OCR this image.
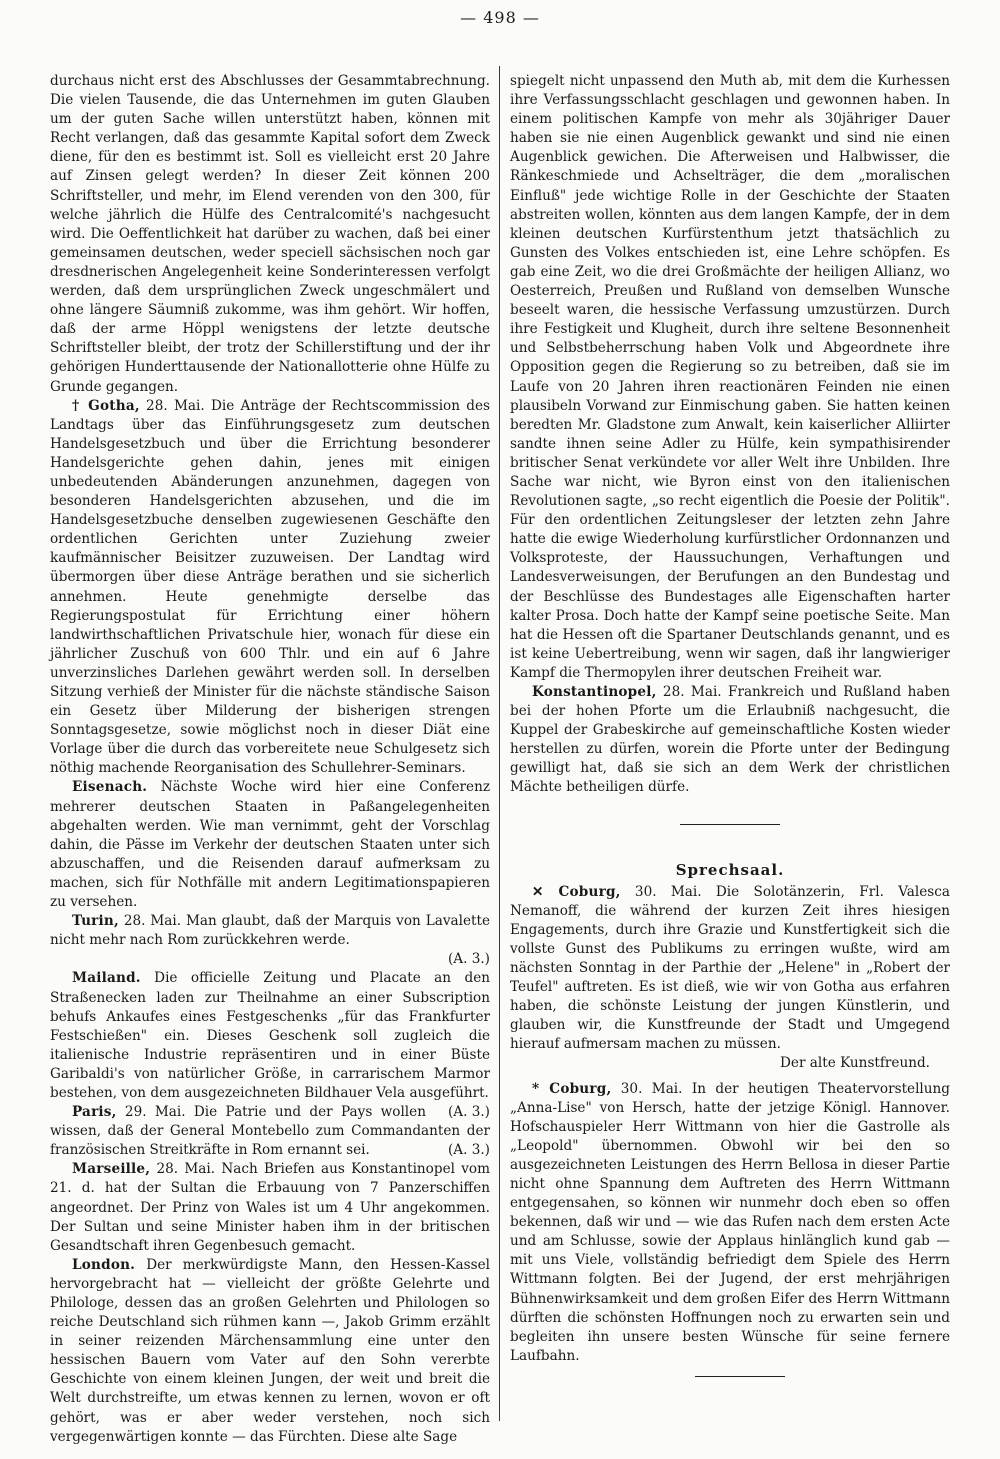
— 498 —

durchaus nicht erst des Abschlusses der Gesammtabrechnung. Die vielen Tausende, die das Unternehmen im guten Glauben um der guten Sache willen unterstützt haben, können mit Recht verlangen, daß das gesammte Kapital sofort dem Zweck diene, für den es bestimmt ist. Soll es vielleicht erst 20 Jahre auf Zinsen gelegt werden? In dieser Zeit können 200 Schriftsteller, und mehr, im Elend verenden von den 300, für welche jährlich die Hülfe des Centralcomité's nachgesucht wird. Die Oeffentlichkeit hat darüber zu wachen, daß bei einer gemeinsamen deutschen, weder speciell sächsischen noch gar dresdnerischen Angelegenheit keine Sonderinteressen verfolgt werden, daß dem ursprünglichen Zweck ungeschmälert und ohne längere Säumniß zukomme, was ihm gehört. Wir hoffen, daß der arme Höppl wenigstens der letzte deutsche Schriftsteller bleibt, der trotz der Schillerstiftung und der ihr gehörigen Hunderttausende der Nationallotterie ohne Hülfe zu Grunde gegangen.

† Gotha, 28. Mai. Die Anträge der Rechtscommission des Landtags über das Einführungsgesetz zum deutschen Handelsgesetzbuch und über die Errichtung besonderer Handelsgerichte gehen dahin, jenes mit einigen unbedeutenden Abänderungen anzunehmen, dagegen von besonderen Handelsgerichten abzusehen, und die im Handelsgesetzbuche denselben zugewiesenen Geschäfte den ordentlichen Gerichten unter Zuziehung zweier kaufmännischer Beisitzer zuzuweisen. Der Landtag wird übermorgen über diese Anträge berathen und sie sicherlich annehmen. Heute genehmigte derselbe das Regierungspostulat für Errichtung einer höhern landwirthschaftlichen Privatschule hier, wonach für diese ein jährlicher Zuschuß von 600 Thlr. und ein auf 6 Jahre unverzinsliches Darlehen gewährt werden soll. In derselben Sitzung verhieß der Minister für die nächste ständische Saison ein Gesetz über Milderung der bisherigen strengen Sonntagsgesetze, sowie möglichst noch in dieser Diät eine Vorlage über die durch das vorbereitete neue Schulgesetz sich nöthig machende Reorganisation des Schullehrer-Seminars.

Eisenach. Nächste Woche wird hier eine Conferenz mehrerer deutschen Staaten in Paßangelegenheiten abgehalten werden. Wie man vernimmt, geht der Vorschlag dahin, die Pässe im Verkehr der deutschen Staaten unter sich abzuschaffen, und die Reisenden darauf aufmerksam zu machen, sich für Nothfälle mit andern Legitimationspapieren zu versehen.

Turin, 28. Mai. Man glaubt, daß der Marquis von Lavalette nicht mehr nach Rom zurückkehren werde.

(A. 3.)

Mailand. Die officielle Zeitung und Placate an den Straßenecken laden zur Theilnahme an einer Subscription behufs Ankaufes eines Festgeschenks „für das Frankfurter Festschießen" ein. Dieses Geschenk soll zugleich die italienische Industrie repräsentiren und in einer Büste Garibaldi's von natürlicher Größe, in carrarischem Marmor bestehen, von dem ausgezeichneten Bildhauer Vela ausgeführt.
(A. 3.)

Paris, 29. Mai. Die Patrie und der Pays wollen wissen, daß der General Montebello zum Commandanten der französischen Streitkräfte in Rom ernannt sei.	(A. 3.)

Marseille, 28. Mai. Nach Briefen aus Konstantinopel vom 21. d. hat der Sultan die Erbauung von 7 Panzerschiffen angeordnet. Der Prinz von Wales ist um 4 Uhr angekommen. Der Sultan und seine Minister haben ihm in der britischen Gesandtschaft ihren Gegenbesuch gemacht.

London. Der merkwürdigste Mann, den Hessen-Kassel hervorgebracht hat — vielleicht der größte Gelehrte und Philologe, dessen das an großen Gelehrten und Philologen so reiche Deutschland sich rühmen kann —, Jakob Grimm erzählt in seiner reizenden Märchensammlung eine unter den hessischen Bauern vom Vater auf den Sohn vererbte Geschichte von einem kleinen Jungen, der weit und breit die Welt durchstreifte, um etwas kennen zu lernen, wovon er oft gehört, was er aber weder verstehen, noch sich vergegenwärtigen konnte — das Fürchten. Diese alte Sage

spiegelt nicht unpassend den Muth ab, mit dem die Kurhessen ihre Verfassungsschlacht geschlagen und gewonnen haben. In einem politischen Kampfe von mehr als 30jähriger Dauer haben sie nie einen Augenblick gewankt und sind nie einen Augenblick gewichen. Die Afterweisen und Halbwisser, die Ränkeschmiede und Achselträger, die dem „moralischen Einfluß" jede wichtige Rolle in der Geschichte der Staaten abstreiten wollen, könnten aus dem langen Kampfe, der in dem kleinen deutschen Kurfürstenthum jetzt thatsächlich zu Gunsten des Volkes entschieden ist, eine Lehre schöpfen. Es gab eine Zeit, wo die drei Großmächte der heiligen Allianz, wo Oesterreich, Preußen und Rußland von demselben Wunsche beseelt waren, die hessische Verfassung umzustürzen. Durch ihre Festigkeit und Klugheit, durch ihre seltene Besonnenheit und Selbstbeherrschung haben Volk und Abgeordnete ihre Opposition gegen die Regierung so zu betreiben, daß sie im Laufe von 20 Jahren ihren reactionären Feinden nie einen plausibeln Vorwand zur Einmischung gaben. Sie hatten keinen beredten Mr. Gladstone zum Anwalt, kein kaiserlicher Alliirter sandte ihnen seine Adler zu Hülfe, kein sympathisirender britischer Senat verkündete vor aller Welt ihre Unbilden. Ihre Sache war nicht, wie Byron einst von den italienischen Revolutionen sagte, „so recht eigentlich die Poesie der Politik". Für den ordentlichen Zeitungsleser der letzten zehn Jahre hatte die ewige Wiederholung kurfürstlicher Ordonnanzen und Volksproteste, der Haussuchungen, Verhaftungen und Landesverweisungen, der Berufungen an den Bundestag und der Beschlüsse des Bundestages alle Eigenschaften harter kalter Prosa. Doch hatte der Kampf seine poetische Seite. Man hat die Hessen oft die Spartaner Deutschlands genannt, und es ist keine Uebertreibung, wenn wir sagen, daß ihr langwieriger Kampf die Thermopylen ihrer deutschen Freiheit war.

Konstantinopel, 28. Mai. Frankreich und Rußland haben bei der hohen Pforte um die Erlaubniß nachgesucht, die Kuppel der Grabeskirche auf gemeinschaftliche Kosten wieder herstellen zu dürfen, worein die Pforte unter der Bedingung gewilligt hat, daß sie sich an dem Werk der christlichen Mächte betheiligen dürfe.

Sprechsaal.

✕ Coburg, 30. Mai. Die Solotänzerin, Frl. Valesca Nemanoff, die während der kurzen Zeit ihres hiesigen Engagements, durch ihre Grazie und Kunstfertigkeit sich die vollste Gunst des Publikums zu erringen wußte, wird am nächsten Sonntag in der Parthie der „Helene" in „Robert der Teufel" auftreten. Es ist dieß, wie wir von Gotha aus erfahren haben, die schönste Leistung der jungen Künstlerin, und glauben wir, die Kunstfreunde der Stadt und Umgegend hierauf aufmersam machen zu müssen.

Der alte Kunstfreund.

* Coburg, 30. Mai. In der heutigen Theatervorstellung „Anna-Lise" von Hersch, hatte der jetzige Königl. Hannover. Hofschauspieler Herr Wittmann von hier die Gastrolle als „Leopold" übernommen. Obwohl wir bei den so ausgezeichneten Leistungen des Herrn Bellosa in dieser Partie nicht ohne Spannung dem Auftreten des Herrn Wittmann entgegensahen, so können wir nunmehr doch eben so offen bekennen, daß wir und — wie das Rufen nach dem ersten Acte und am Schlusse, sowie der Applaus hinlänglich kund gab — mit uns Viele, vollständig befriedigt dem Spiele des Herrn Wittmann folgten. Bei der Jugend, der erst mehrjährigen Bühnenwirksamkeit und dem großen Eifer des Herrn Wittmann dürften die schönsten Hoffnungen noch zu erwarten sein und begleiten ihn unsere besten Wünsche für seine fernere Laufbahn.
